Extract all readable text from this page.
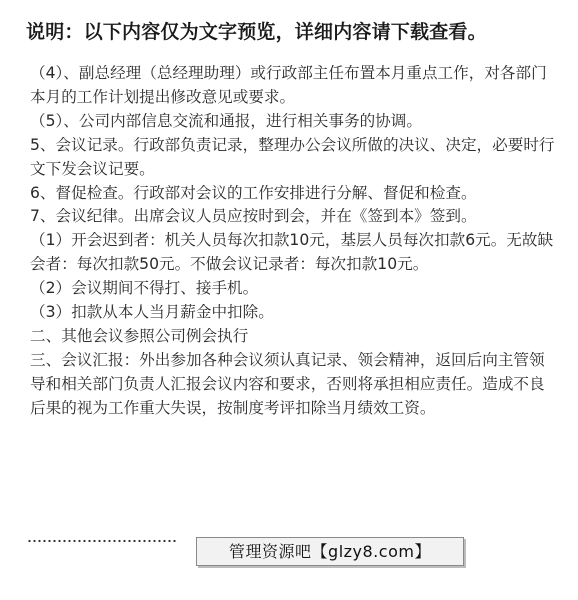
说明：以下内容仅为文字预览，详细内容请下载查看。

（4）、副总经理（总经理助理）或行政部主任布置本月重点工作，对各部门本月的工作计划提出修改意见或要求。

（5）、公司内部信息交流和通报，进行相关事务的协调。

5、会议记录。行政部负责记录，整理办公会议所做的决议、决定，必要时行文下发会议记要。

6、督促检查。行政部对会议的工作安排进行分解、督促和检查。

7、会议纪律。出席会议人员应按时到会，并在《签到本》签到。

（1）开会迟到者：机关人员每次扣款10元，基层人员每次扣款6元。无故缺会者：每次扣款50元。不做会议记录者：每次扣款10元。

（2）会议期间不得打、接手机。

（3）扣款从本人当月薪金中扣除。

二、其他会议参照公司例会执行

三、会议汇报：外出参加各种会议须认真记录、领会精神，返回后向主管领导和相关部门负责人汇报会议内容和要求，否则将承担相应责任。造成不良后果的视为工作重大失误，按制度考评扣除当月绩效工资。

管理资源吧【glzy8.com】
